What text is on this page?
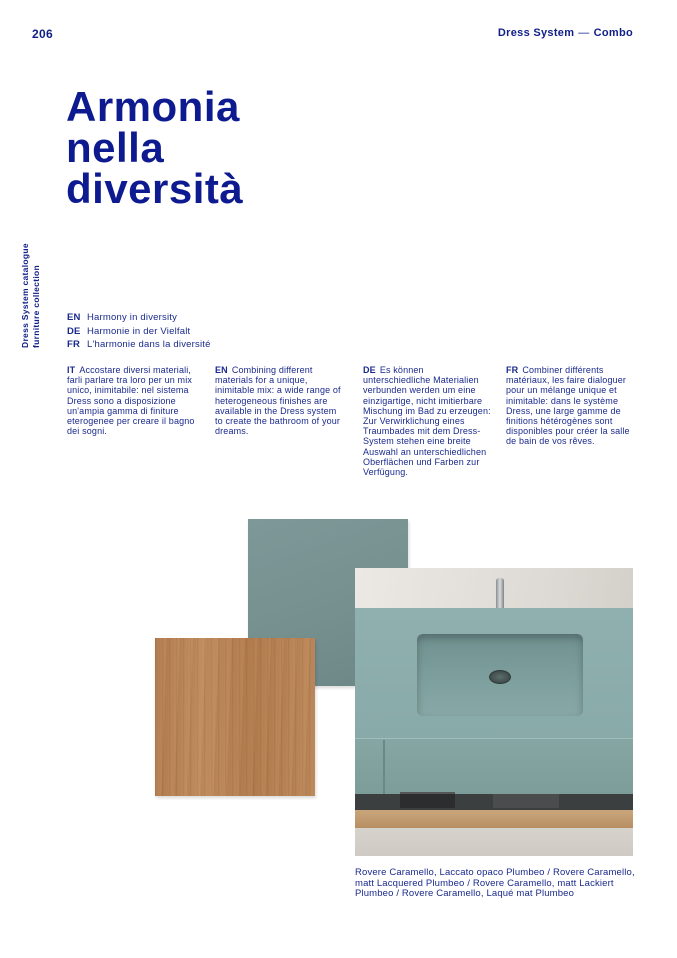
206	Dress System — Combo
Armonia
nella
diversità
Dress System catalogue furniture collection	EN Harmony in diversity
DE Harmonie in der Vielfalt
FR L'harmonie dans la diversité
IT Accostare diversi materiali, farli parlare tra loro per un mix unico, inimitabile: nel sistema Dress sono a disposizione un'ampia gamma di finiture eterogenee per creare il bagno dei sogni.
EN Combining different materials for a unique, inimitable mix: a wide range of heterogeneous finishes are available in the Dress system to create the bathroom of your dreams.
DE Es können unterschiedliche Materialien verbunden werden um eine einzigartige, nicht imitierbare Mischung im Bad zu erzeugen: Zur Verwirklichung eines Traumbades mit dem Dress-System stehen eine breite Auswahl an unterschiedlichen Oberflächen und Farben zur Verfügung.
FR Combiner différents matériaux, les faire dialoguer pour un mélange unique et inimitable: dans le système Dress, une large gamme de finitions hétérogènes sont disponibles pour créer la salle de bain de vos rêves.
Rovere Caramello, Laccato opaco Plumbeo / Rovere Caramello, matt Lacquered Plumbeo / Rovere Caramello, matt Lackiert Plumbeo / Rovere Caramello, Laqué mat Plumbeo
